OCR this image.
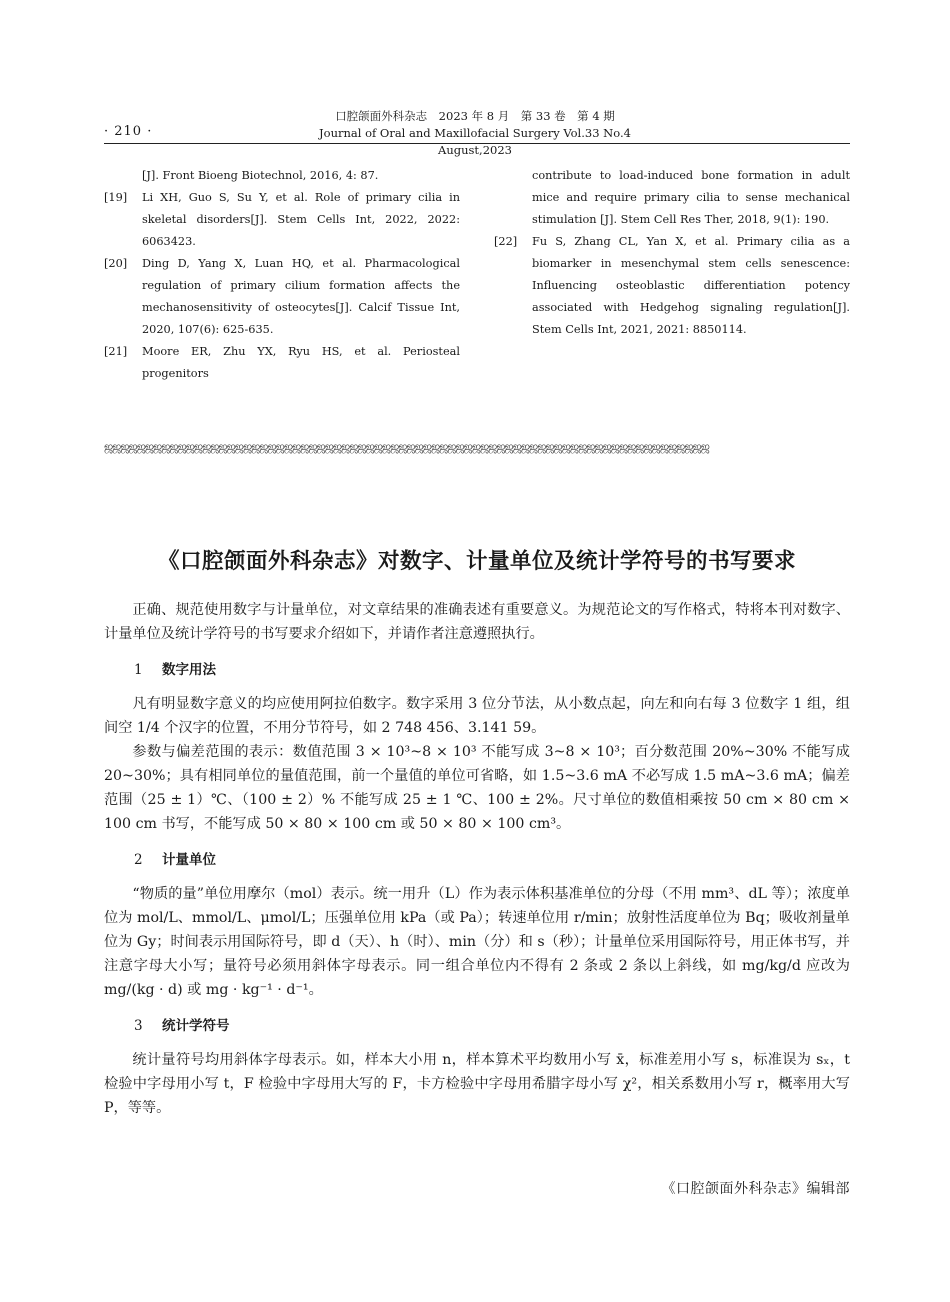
· 210 ·
口腔颌面外科杂志　2023 年 8 月　第 33 卷　第 4 期
Journal of Oral and Maxillofacial Surgery Vol.33 No.4 August,2023
[J]. Front Bioeng Biotechnol, 2016, 4: 87.
[19] Li XH, Guo S, Su Y, et al. Role of primary cilia in skeletal disorders[J]. Stem Cells Int, 2022, 2022: 6063423.
[20] Ding D, Yang X, Luan HQ, et al. Pharmacological regulation of primary cilium formation affects the mechanosensitivity of osteocytes[J]. Calcif Tissue Int, 2020, 107(6): 625-635.
[21] Moore ER, Zhu YX, Ryu HS, et al. Periosteal progenitors
contribute to load-induced bone formation in adult mice and require primary cilia to sense mechanical stimulation [J]. Stem Cell Res Ther, 2018, 9(1): 190.
[22] Fu S, Zhang CL, Yan X, et al. Primary cilia as a biomarker in mesenchymal stem cells senescence: Influencing osteoblastic differentiation potency associated with Hedgehog signaling regulation[J]. Stem Cells Int, 2021, 2021: 8850114.
ஜஜஜஜஜஜஜஜஜஜஜஜஜஜஜஜஜஜஜஜஜஜஜஜஜஜஜஜஜஜஜஜஜஜஜஜஜஜஜஜஜஜஜஜஜஜஜஜஜஜஜஜஜஜஜஜஜஜஜஜஜஜஜஜஜஜஜஜஜஜஜஜஜஜ
《口腔颌面外科杂志》对数字、计量单位及统计学符号的书写要求

正确、规范使用数字与计量单位，对文章结果的准确表述有重要意义。为规范论文的写作格式，特将本刊对数字、计量单位及统计学符号的书写要求介绍如下，并请作者注意遵照执行。

1 数字用法

凡有明显数字意义的均应使用阿拉伯数字。数字采用 3 位分节法，从小数点起，向左和向右每 3 位数字 1 组，组间空 1/4 个汉字的位置，不用分节符号，如 2 748 456、3.141 59。

参数与偏差范围的表示：数值范围 3 × 10³~8 × 10³ 不能写成 3~8 × 10³；百分数范围 20%~30% 不能写成 20~30%；具有相同单位的量值范围，前一个量值的单位可省略，如 1.5~3.6 mA 不必写成 1.5 mA~3.6 mA；偏差范围（25 ± 1）℃、（100 ± 2）% 不能写成 25 ± 1 ℃、100 ± 2%。尺寸单位的数值相乘按 50 cm × 80 cm × 100 cm 书写，不能写成 50 × 80 × 100 cm 或 50 × 80 × 100 cm³。

2 计量单位

“物质的量”单位用摩尔（mol）表示。统一用升（L）作为表示体积基准单位的分母（不用 mm³、dL 等）；浓度单位为 mol/L、mmol/L、μmol/L；压强单位用 kPa（或 Pa）；转速单位用 r/min；放射性活度单位为 Bq；吸收剂量单位为 Gy；时间表示用国际符号，即 d（天）、h（时）、min（分）和 s（秒）；计量单位采用国际符号，用正体书写，并注意字母大小写；量符号必须用斜体字母表示。同一组合单位内不得有 2 条或 2 条以上斜线，如 mg/kg/d 应改为 mg/(kg · d) 或 mg · kg⁻¹ · d⁻¹。

3 统计学符号

统计量符号均用斜体字母表示。如，样本大小用 n，样本算术平均数用小写 x̄，标准差用小写 s，标准误为 sₓ，t 检验中字母用小写 t，F 检验中字母用大写的 F，卡方检验中字母用希腊字母小写 χ²，相关系数用小写 r，概率用大写 P，等等。

《口腔颌面外科杂志》编辑部
